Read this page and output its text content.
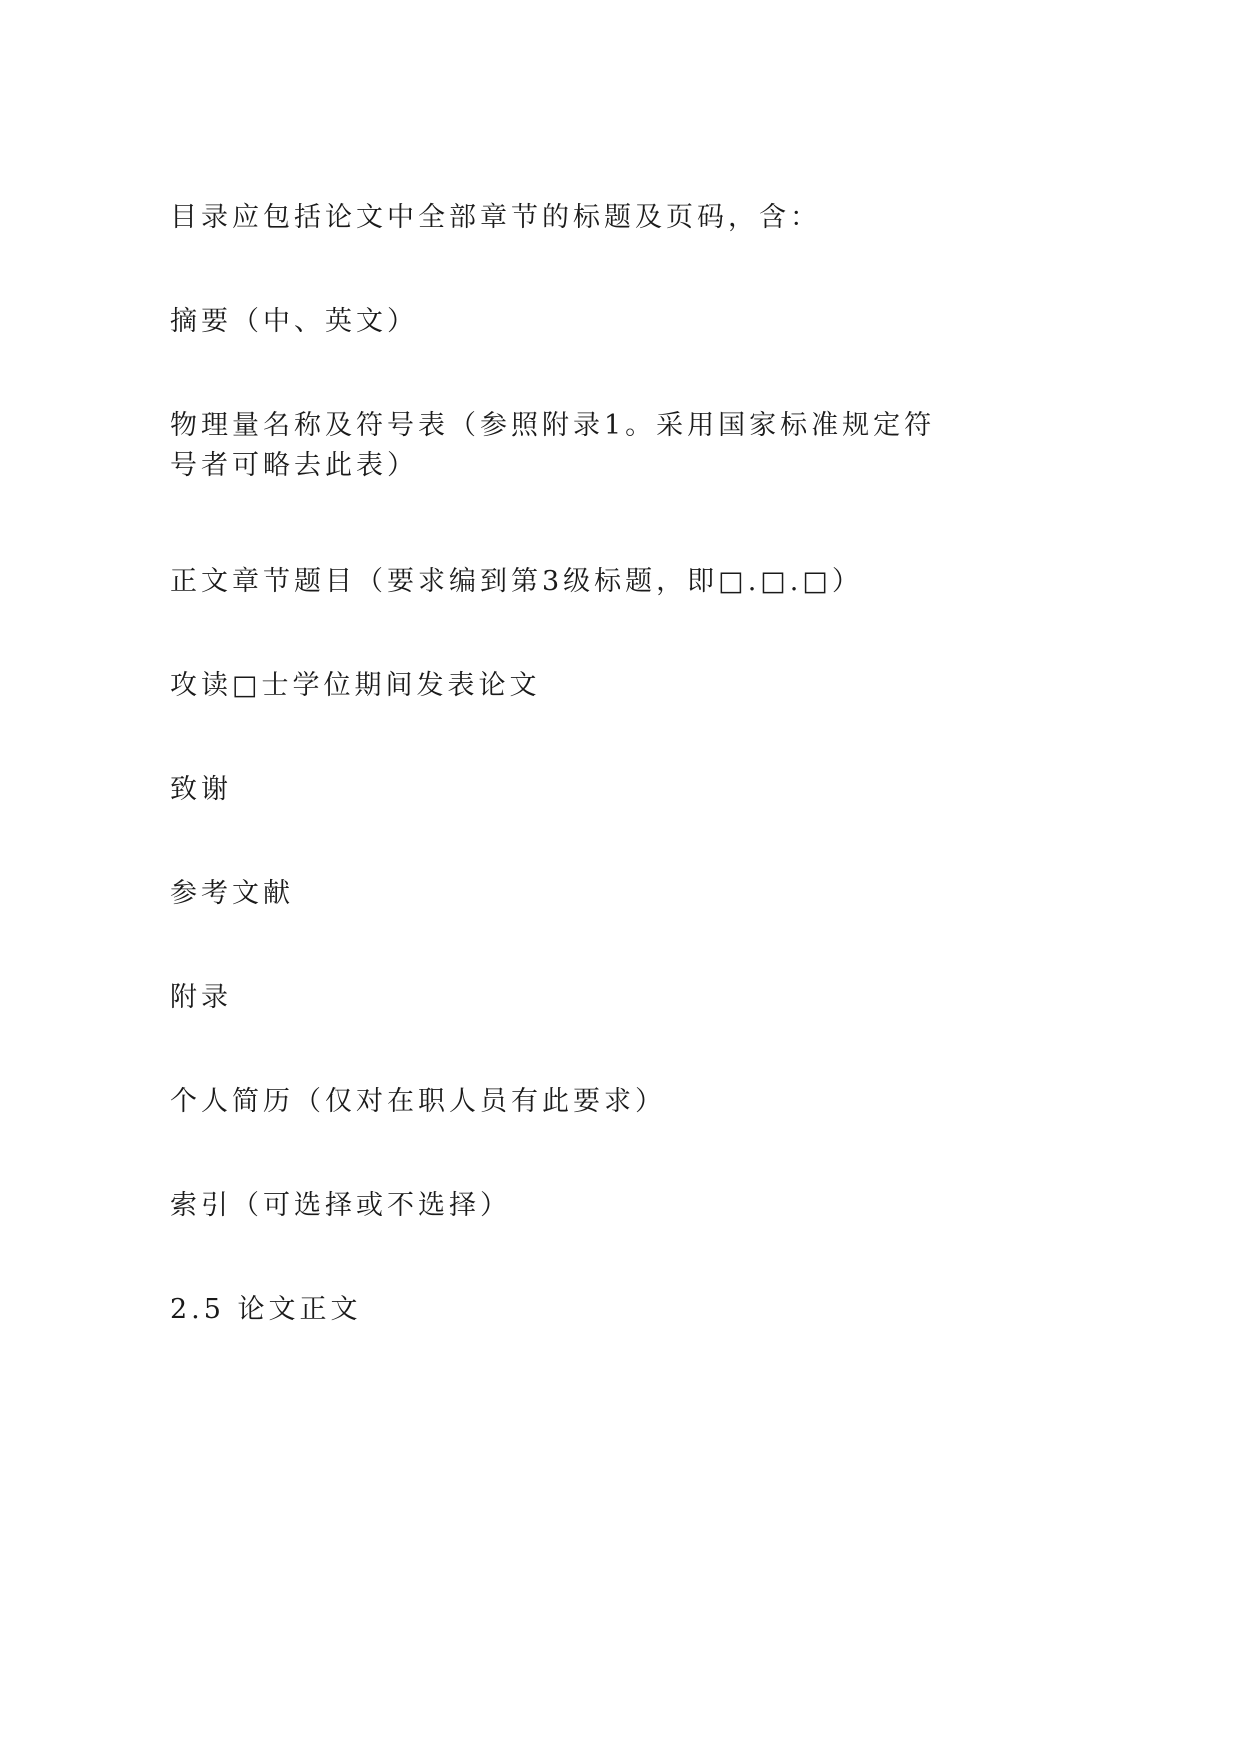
目录应包括论文中全部章节的标题及页码，含：
摘要（中、英文）
物理量名称及符号表（参照附录1。采用国家标准规定符号者可略去此表）
正文章节题目（要求编到第3级标题，即□.□.□）
攻读□士学位期间发表论文
致谢
参考文献
附录
个人简历（仅对在职人员有此要求）
索引（可选择或不选择）
2.5 论文正文
